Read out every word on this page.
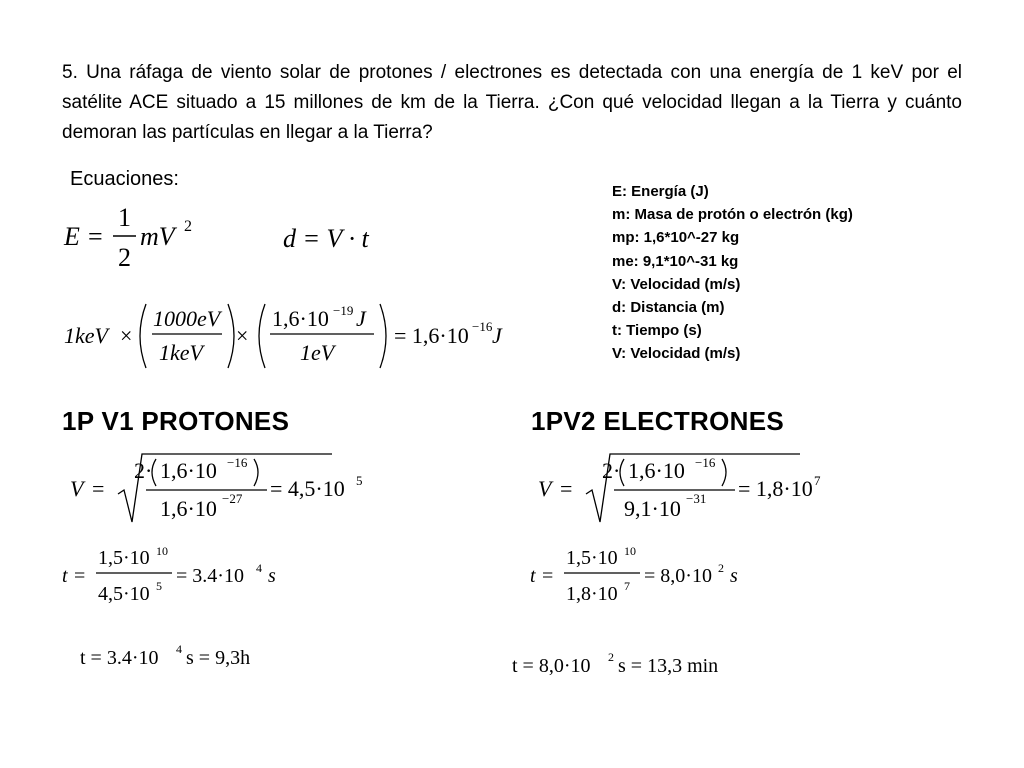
5. Una ráfaga de viento solar de protones / electrones es detectada con una energía de 1 keV por el satélite ACE situado a 15 millones de km de la Tierra. ¿Con qué velocidad llegan a la Tierra y cuánto demoran las partículas en llegar a la Tierra?
Ecuaciones:
E: Energía (J)
m: Masa de protón o electrón (kg)
mp: 1,6*10^-27 kg
me: 9,1*10^-31 kg
V: Velocidad (m/s)
d: Distancia (m)
t: Tiempo (s)
V: Velocidad (m/s)
E =
1
2
mV 2	d = V · t
1keV ×
1000eV
1keV
×
1,6·10 −19 J
1eV
= 1,6·10 −16 J
1P V1 PROTONES	1PV2 ELECTRONES
V =
2· 1,6·10 −16
1,6·10 −27 = 4,5·10 5
t =
1,5·10 10
4,5·10 5 = 3.4·10 4 s
t = 3.4·10 4 s = 9,3h
V =
2· 1,6·10 −16
9,1·10 −31 = 1,8·10 7
t =
1,5·10 10
1,8·10 7 = 8,0·10 2 s
t = 8,0·10 2 s = 13,3 min
